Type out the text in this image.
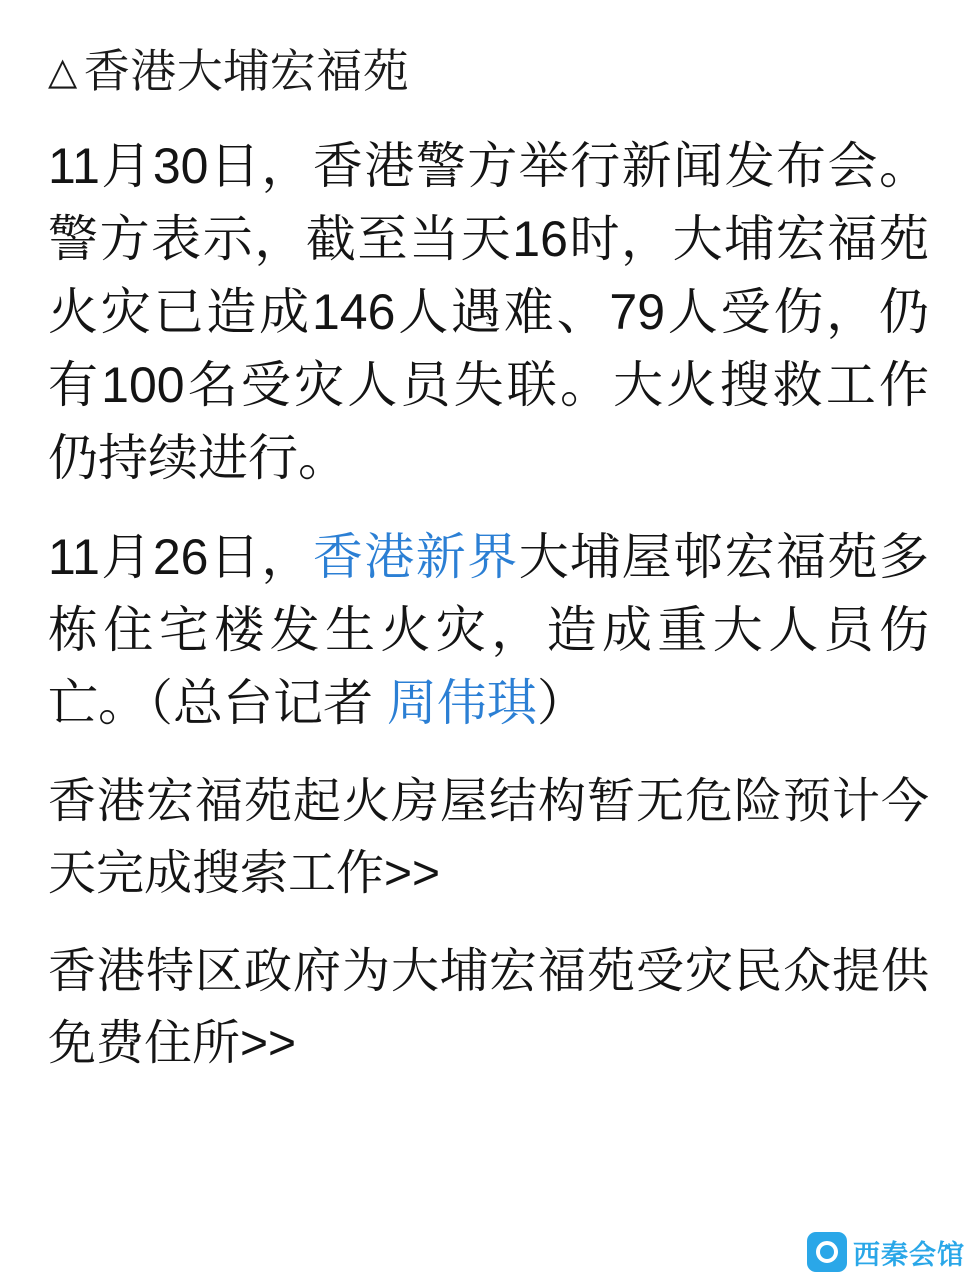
△ 香港大埔宏福苑

11月30日，香港警方举行新闻发布会。警方表示，截至当天16时，大埔宏福苑火灾已造成146人遇难、79人受伤，仍有100名受灾人员失联。大火搜救工作仍持续进行。

11月26日，香港新界大埔屋邨宏福苑多栋住宅楼发生火灾，造成重大人员伤亡。（总台记者 周伟琪）

香港宏福苑起火房屋结构暂无危险预计今天完成搜索工作>>

香港特区政府为大埔宏福苑受灾民众提供免费住所>>

西秦会馆
